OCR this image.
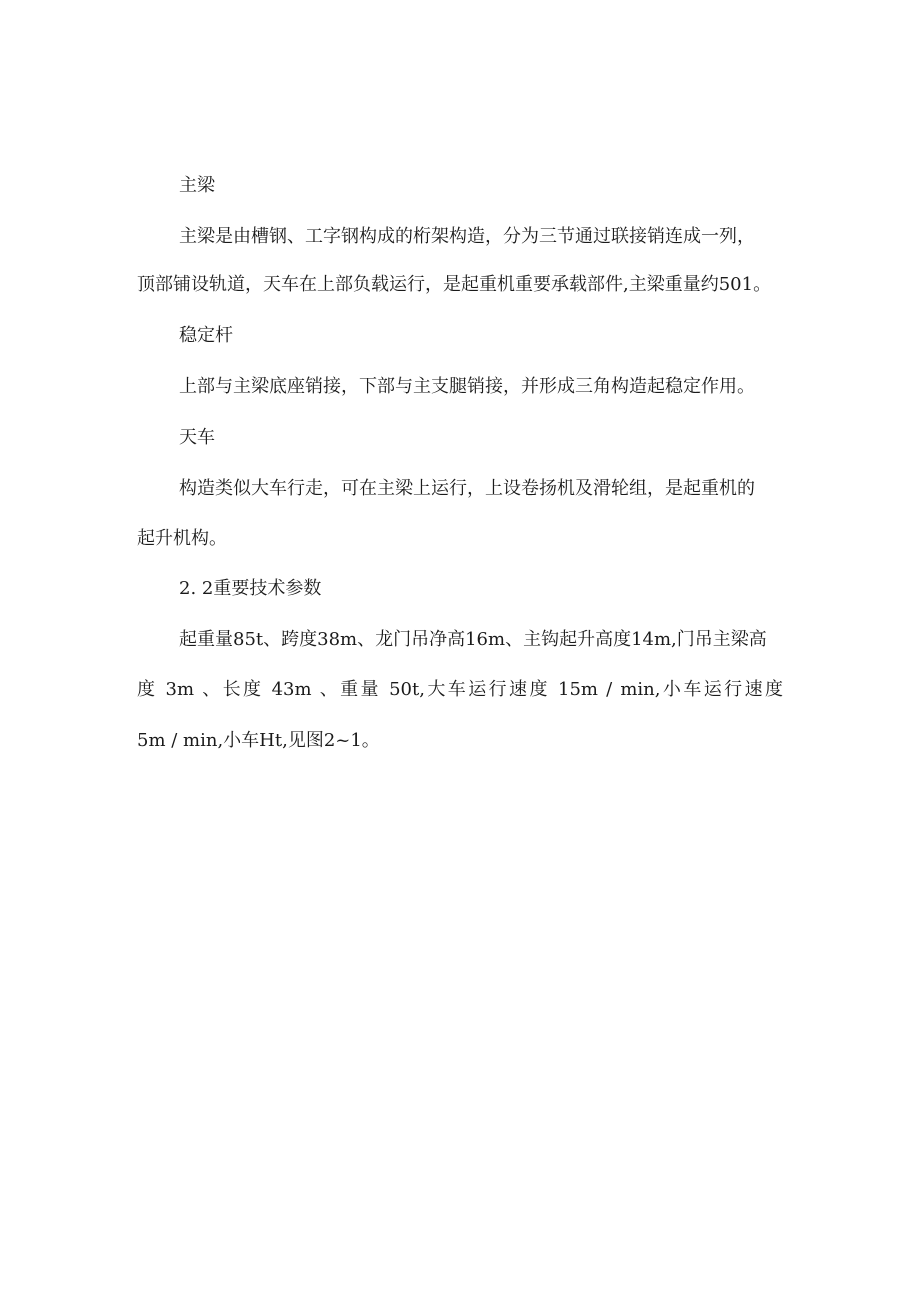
主梁
主梁是由槽钢、工字钢构成的桁架构造，分为三节通过联接销连成一列，
顶部铺设轨道，天车在上部负载运行，是起重机重要承载部件,主梁重量约501。
稳定杆
上部与主梁底座销接，下部与主支腿销接，并形成三角构造起稳定作用。
天车
构造类似大车行走，可在主梁上运行，上设卷扬机及滑轮组，是起重机的
起升机构。
2. 2重要技术参数
起重量85t、跨度38m、龙门吊净高16m、主钩起升高度14m,门吊主梁高
度 3m 、长度 43m 、重量 50t,大车运行速度 15m / min,小车运行速度
5m / min,小车Ht,见图2~1。
